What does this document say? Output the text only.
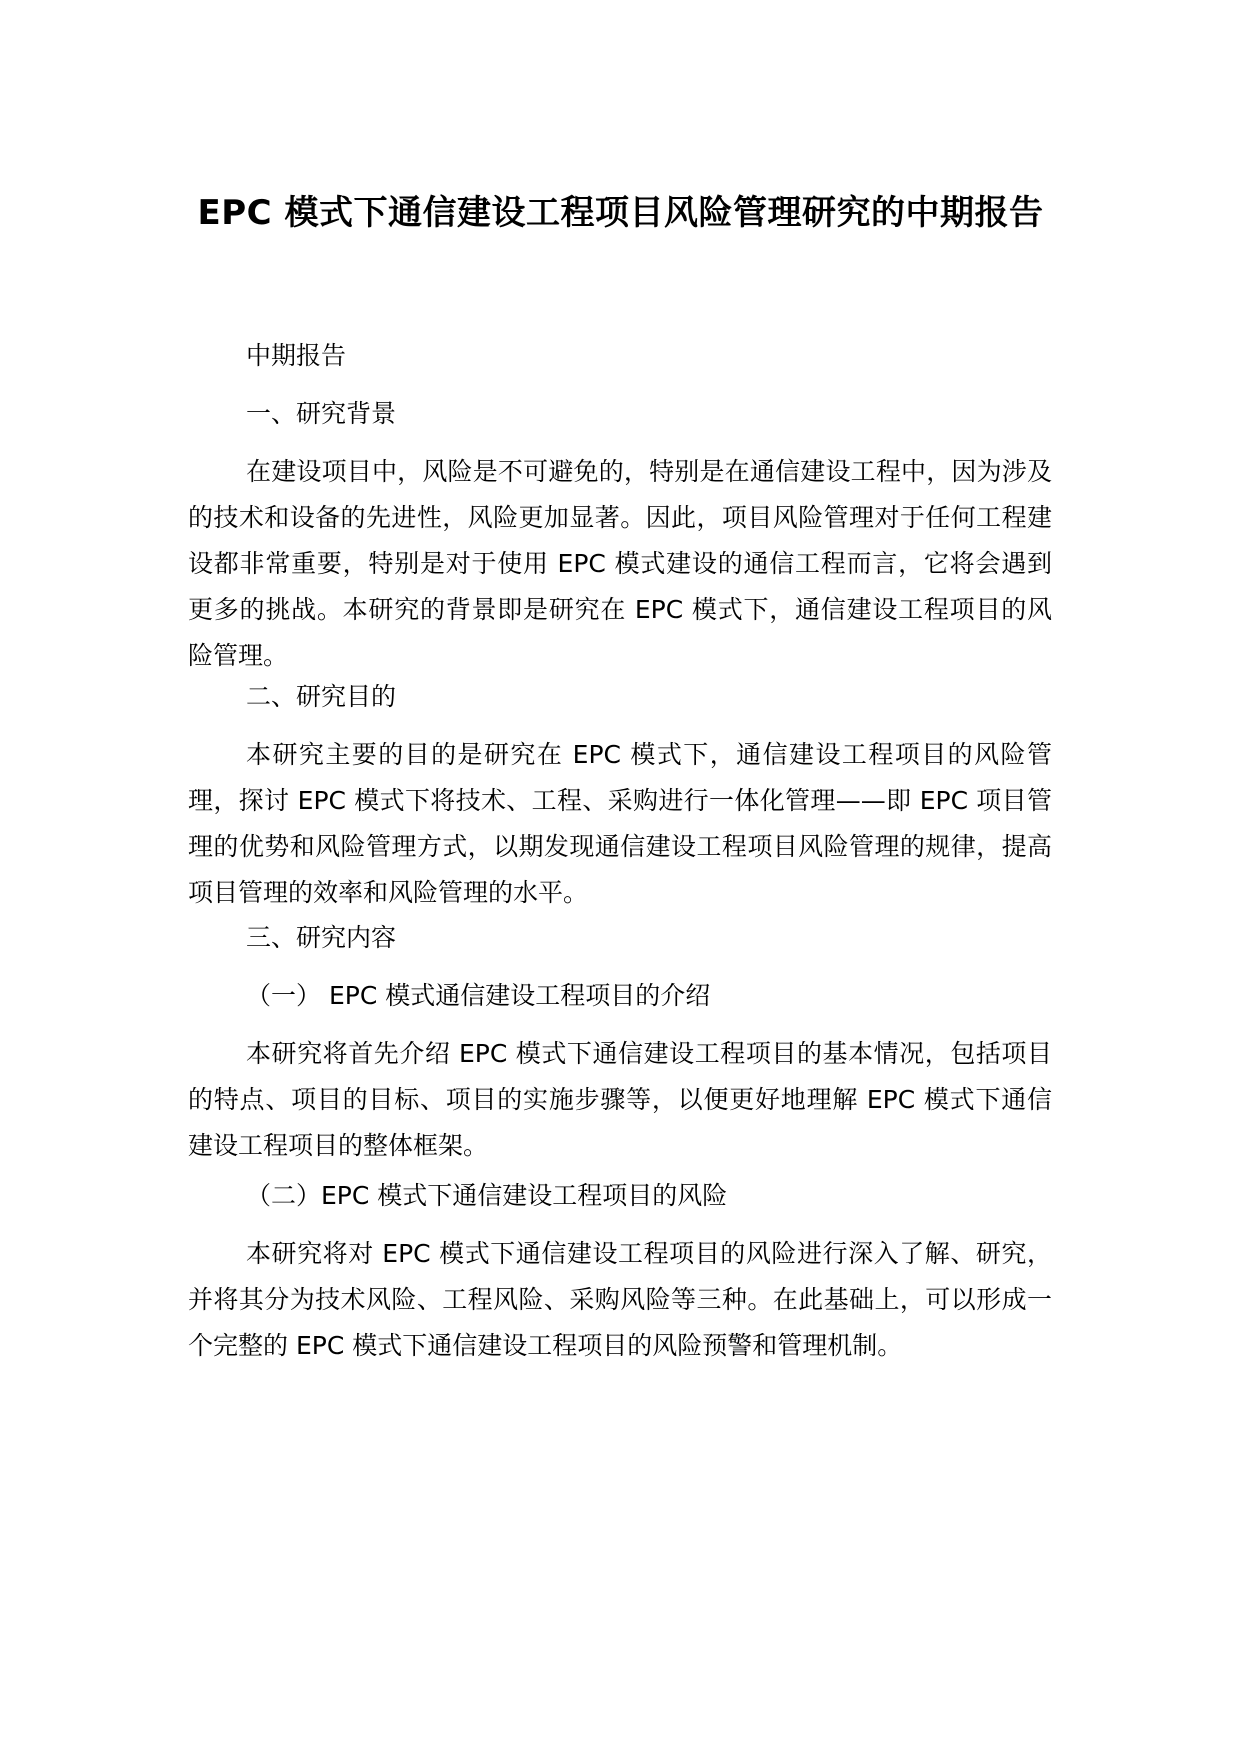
EPC 模式下通信建设工程项目风险管理研究的中期报告
中期报告
一、研究背景
在建设项目中，风险是不可避免的，特别是在通信建设工程中，因为涉及的技术和设备的先进性，风险更加显著。因此，项目风险管理对于任何工程建设都非常重要，特别是对于使用 EPC 模式建设的通信工程而言，它将会遇到更多的挑战。本研究的背景即是研究在 EPC 模式下，通信建设工程项目的风险管理。
二、研究目的
本研究主要的目的是研究在 EPC 模式下，通信建设工程项目的风险管理，探讨 EPC 模式下将技术、工程、采购进行一体化管理——即 EPC 项目管理的优势和风险管理方式，以期发现通信建设工程项目风险管理的规律，提高项目管理的效率和风险管理的水平。
三、研究内容
（一） EPC 模式通信建设工程项目的介绍
本研究将首先介绍 EPC 模式下通信建设工程项目的基本情况，包括项目的特点、项目的目标、项目的实施步骤等，以便更好地理解 EPC 模式下通信建设工程项目的整体框架。
（二）EPC 模式下通信建设工程项目的风险
本研究将对 EPC 模式下通信建设工程项目的风险进行深入了解、研究，并将其分为技术风险、工程风险、采购风险等三种。在此基础上，可以形成一个完整的 EPC 模式下通信建设工程项目的风险预警和管理机制。
